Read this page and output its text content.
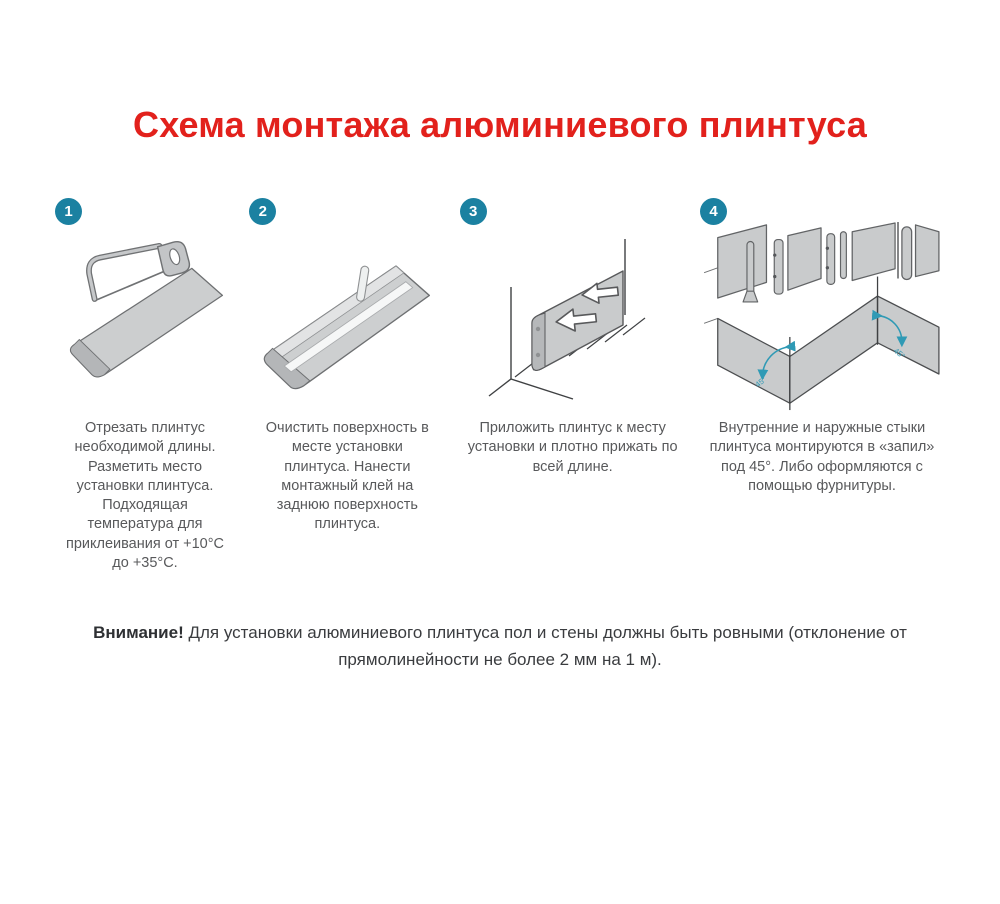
Схема монтажа алюминиевого плинтуса
1

Отрезать плинтус необходимой длины. Разметить место установки плинтуса. Подходящая температура для приклеивания от +10°С до +35°С.

2

Очистить поверхность в месте установки плинтуса. Нанести монтажный клей на заднюю поверхность плинтуса.

3

Приложить плинтус к месту установки и плотно прижать по всей длине.

4
45°
45°

Внутренние и наружные стыки плинтуса монтируются в «запил» под 45°. Либо оформляются с помощью фурнитуры.

Внимание! Для установки алюминиевого плинтуса пол и стены должны быть ровными (отклонение от прямолинейности не более 2 мм на 1 м).
